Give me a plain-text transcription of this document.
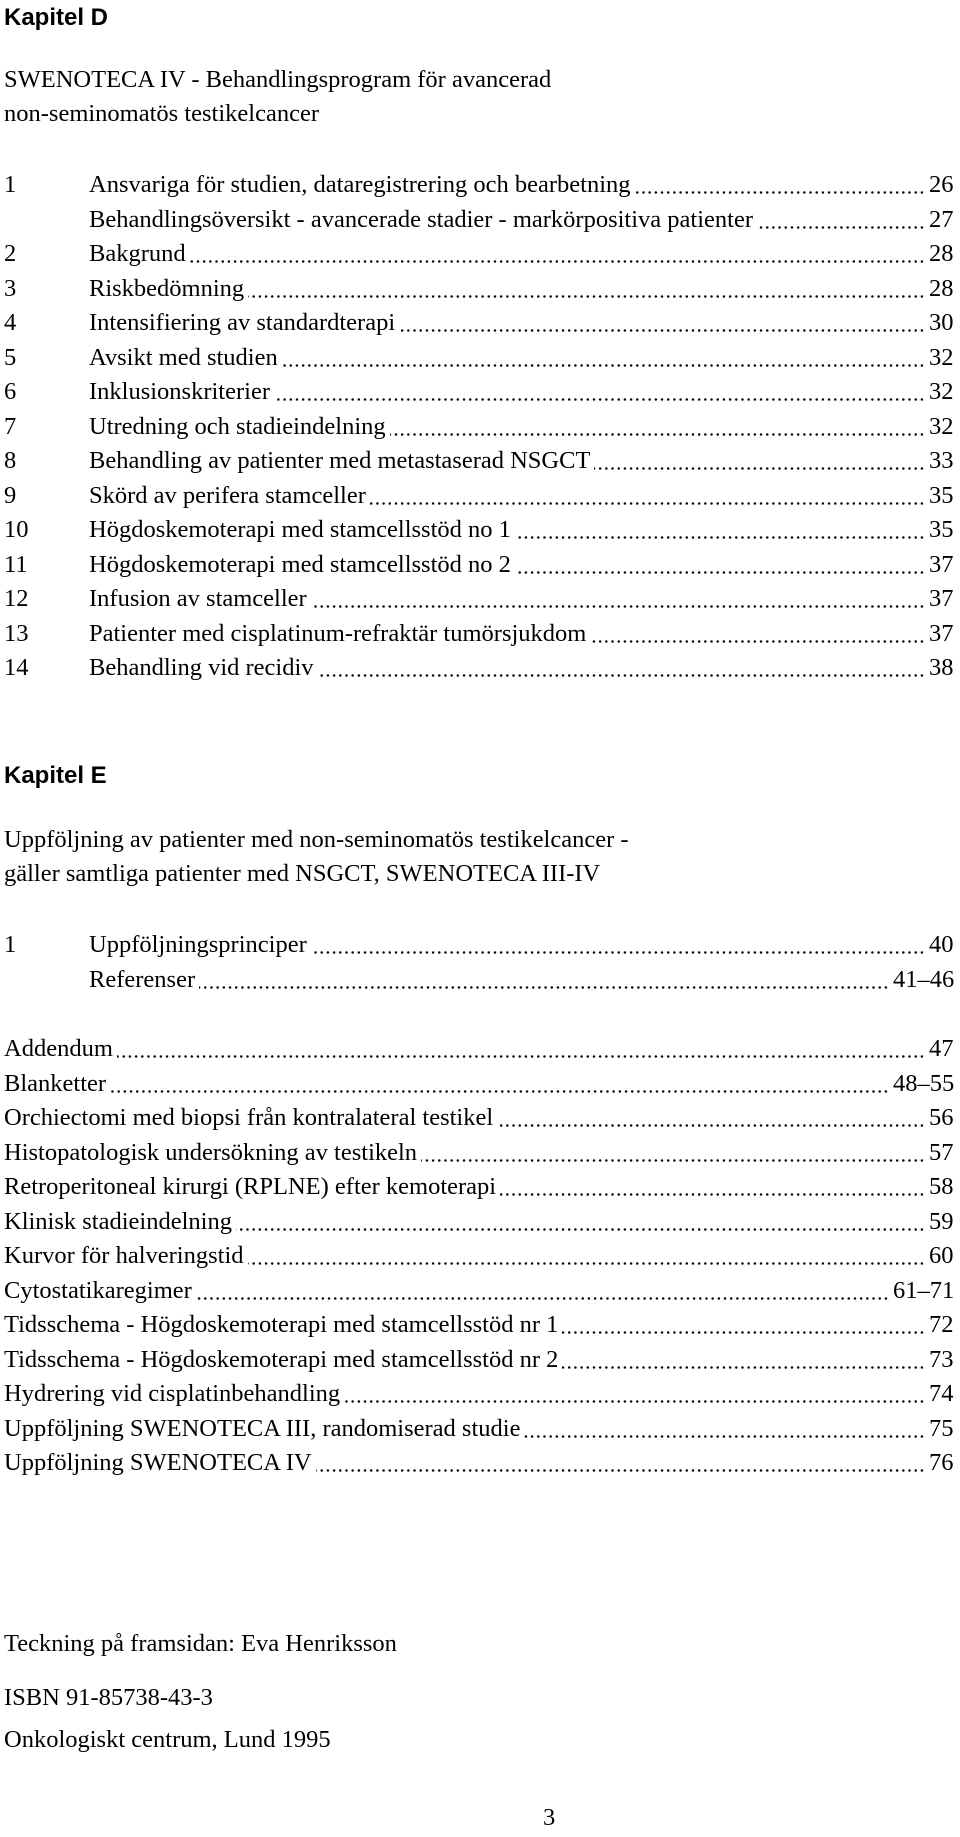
Kapitel D
SWENOTECA IV - Behandlingsprogram för avancerad
non-seminomatös testikelcancer
1	Ansvariga för studien, dataregistrering och bearbetning	26
Behandlingsöversikt - avancerade stadier - markörpositiva patienter	27
2	Bakgrund	28
3	Riskbedömning	28
4	Intensifiering av standardterapi	30
5	Avsikt med studien	32
6	Inklusionskriterier	32
7	Utredning och stadieindelning	32
8	Behandling av patienter med metastaserad NSGCT	33
9	Skörd av perifera stamceller	35
10 Högdoskemoterapi med stamcellsstöd no 1	35
11	Högdoskemoterapi med stamcellsstöd no 2	37
12 Infusion av stamceller	37
13 Patienter med cisplatinum-refraktär tumörsjukdom	37
14 Behandling vid recidiv	38
Kapitel E
Uppföljning av patienter med non-seminomatös testikelcancer -
gäller samtliga patienter med NSGCT, SWENOTECA III-IV
1	Uppföljningsprinciper	40
Referenser	41–46
Addendum	47
Blanketter	48–55
Orchiectomi med biopsi från kontralateral testikel	56
Histopatologisk undersökning av testikeln	57
Retroperitoneal kirurgi (RPLNE) efter kemoterapi	58
Klinisk stadieindelning	59
Kurvor för halveringstid	60
Cytostatikaregimer	61–71
Tidsschema - Högdoskemoterapi med stamcellsstöd nr 1	72
Tidsschema - Högdoskemoterapi med stamcellsstöd nr 2	73
Hydrering vid cisplatinbehandling	74
Uppföljning SWENOTECA III, randomiserad studie	75
Uppföljning SWENOTECA IV	76
Teckning på framsidan: Eva Henriksson
ISBN 91-85738-43-3
Onkologiskt centrum, Lund 1995
3
